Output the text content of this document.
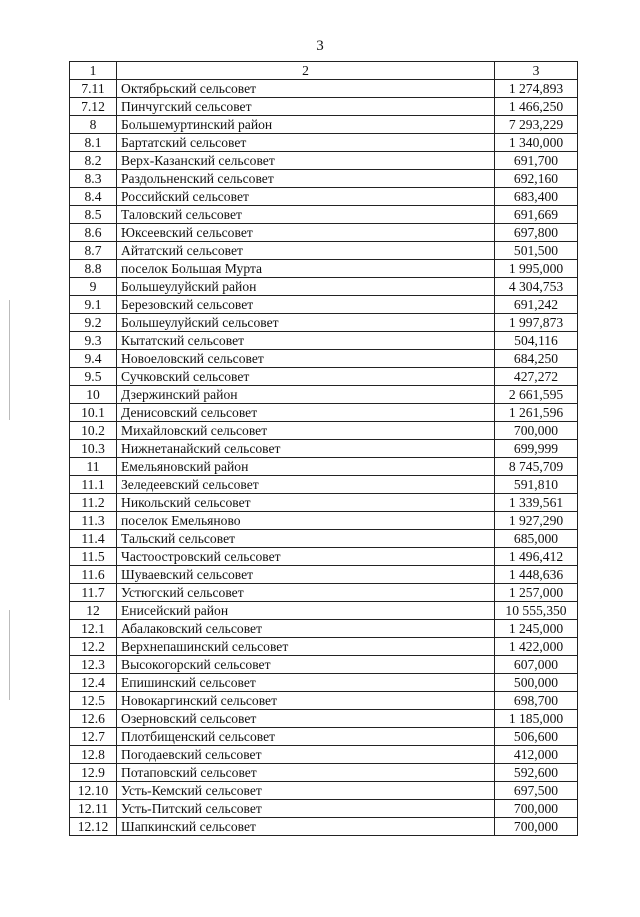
3
1	2	3
7.11	Октябрьский сельсовет	1 274,893
7.12	Пинчугский сельсовет	1 466,250
8	Большемуртинский район	7 293,229
8.1	Бартатский сельсовет	1 340,000
8.2	Верх-Казанский сельсовет	691,700
8.3	Раздольненский сельсовет	692,160
8.4	Российский сельсовет	683,400
8.5	Таловский сельсовет	691,669
8.6	Юксеевский сельсовет	697,800
8.7	Айтатский сельсовет	501,500
8.8	поселок Большая Мурта	1 995,000
9	Большеулуйский район	4 304,753
9.1	Березовский сельсовет	691,242
9.2	Большеулуйский сельсовет	1 997,873
9.3	Кытатский сельсовет	504,116
9.4	Новоеловский сельсовет	684,250
9.5	Сучковский сельсовет	427,272
10	Дзержинский район	2 661,595
10.1	Денисовский сельсовет	1 261,596
10.2	Михайловский сельсовет	700,000
10.3	Нижнетанайский сельсовет	699,999
11	Емельяновский район	8 745,709
11.1	Зеледеевский сельсовет	591,810
11.2	Никольский сельсовет	1 339,561
11.3	поселок Емельяново	1 927,290
11.4	Тальский сельсовет	685,000
11.5	Частоостровский сельсовет	1 496,412
11.6	Шуваевский сельсовет	1 448,636
11.7	Устюгский сельсовет	1 257,000
12	Енисейский район	10 555,350
12.1	Абалаковский сельсовет	1 245,000
12.2	Верхнепашинский сельсовет	1 422,000
12.3	Высокогорский сельсовет	607,000
12.4	Епишинский сельсовет	500,000
12.5	Новокаргинский сельсовет	698,700
12.6	Озерновский сельсовет	1 185,000
12.7	Плотбищенский сельсовет	506,600
12.8	Погодаевский сельсовет	412,000
12.9	Потаповский сельсовет	592,600
12.10	Усть-Кемский сельсовет	697,500
12.11	Усть-Питский сельсовет	700,000
12.12	Шапкинский сельсовет	700,000
